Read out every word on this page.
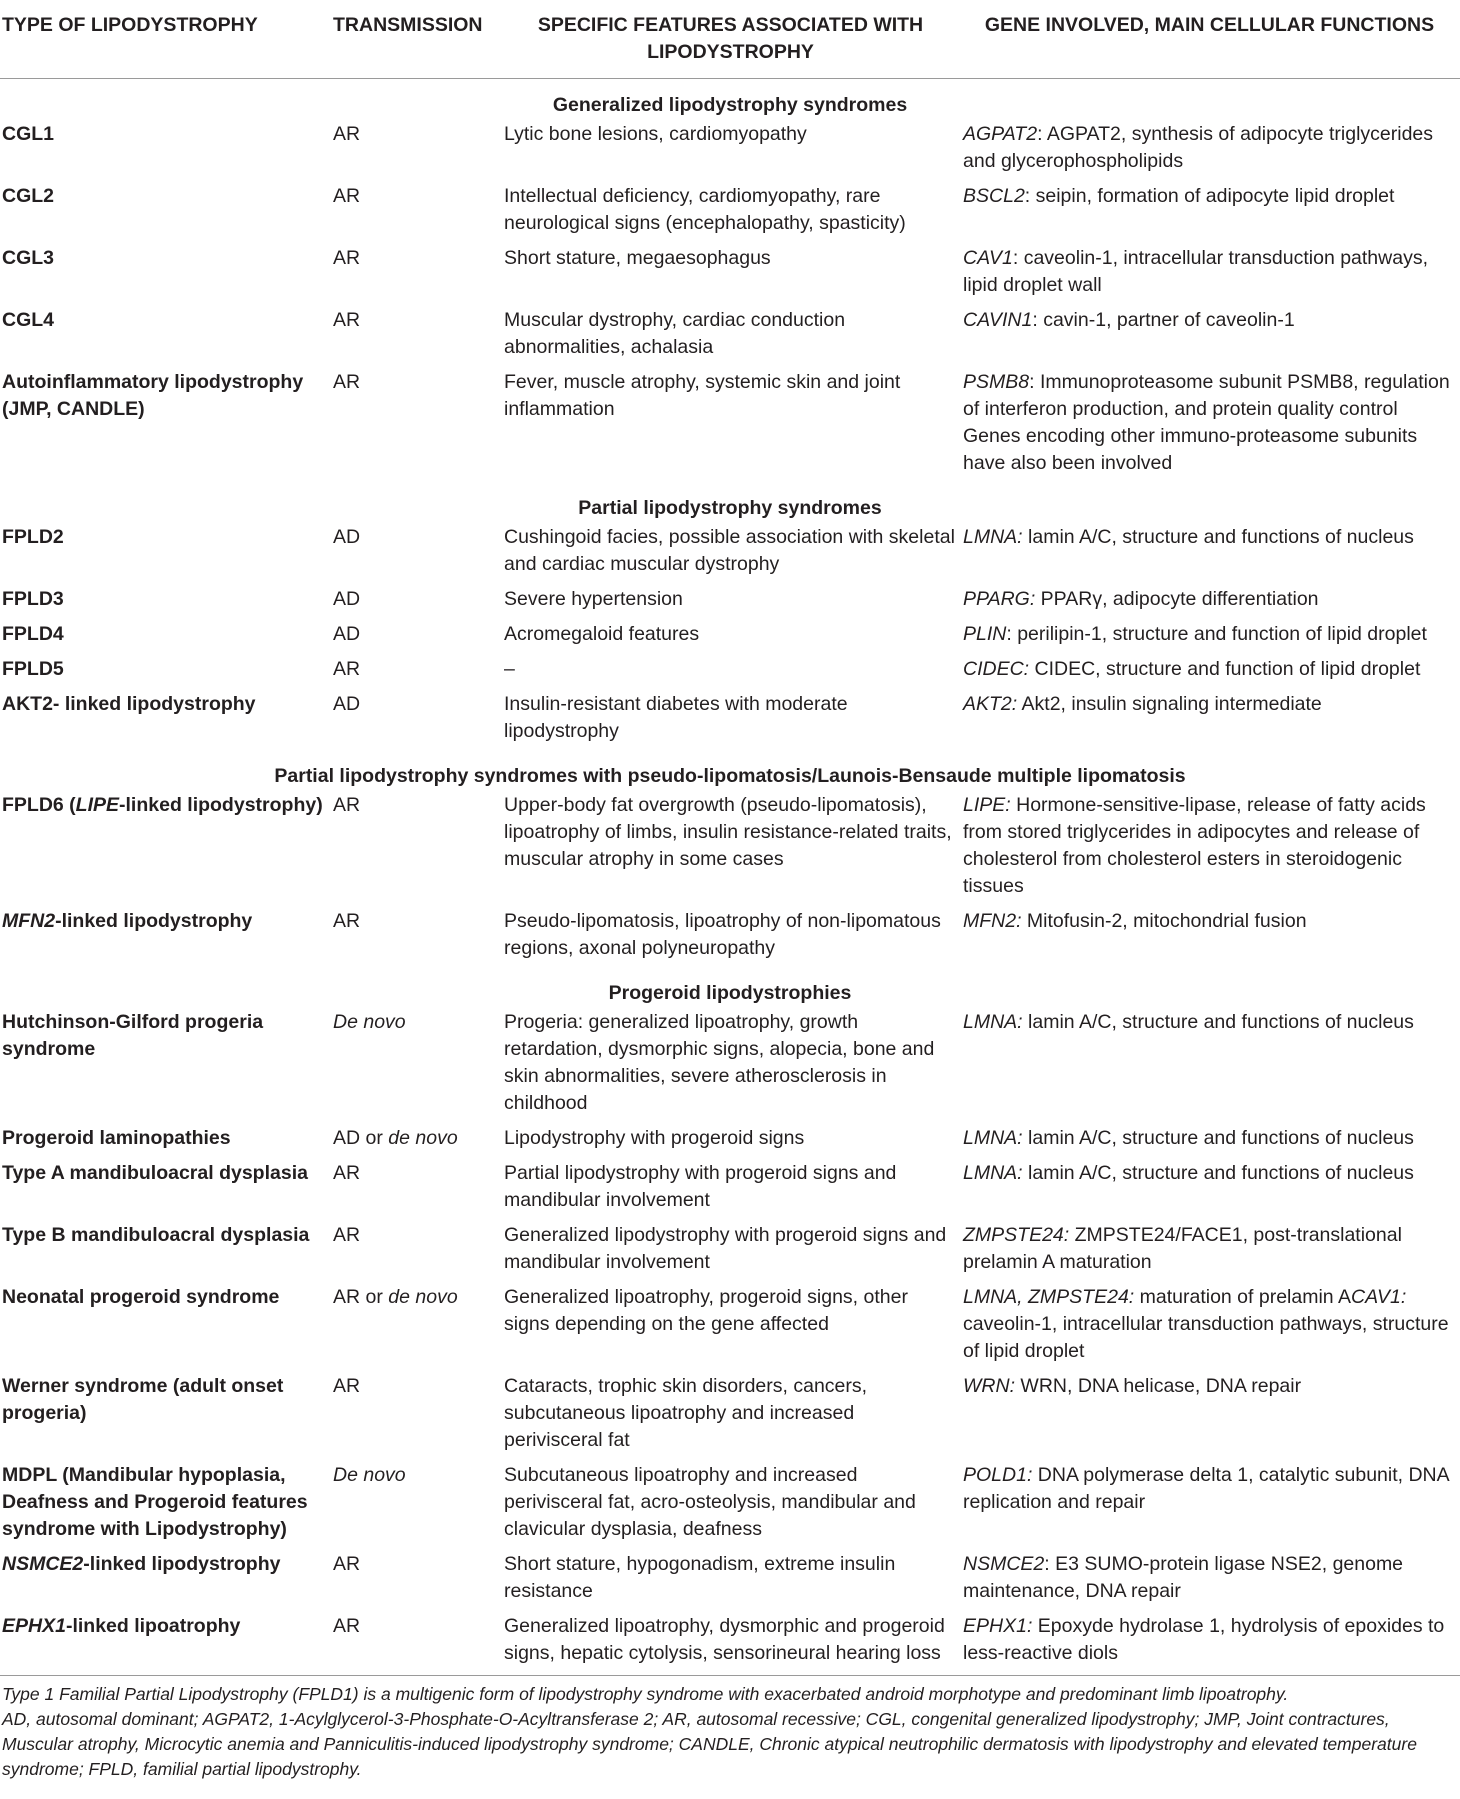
TYPE OF LIPODYSTROPHY	TRANSMISSION	SPECIFIC FEATURES ASSOCIATED WITH LIPODYSTROPHY	GENE INVOLVED, MAIN CELLULAR FUNCTIONS
Generalized lipodystrophy syndromes			
CGL1	AR	Lytic bone lesions, cardiomyopathy	AGPAT2: AGPAT2, synthesis of adipocyte triglycerides and glycerophospholipids
CGL2	AR	Intellectual deficiency, cardiomyopathy, rare neurological signs (encephalopathy, spasticity)	BSCL2: seipin, formation of adipocyte lipid droplet
CGL3	AR	Short stature, megaesophagus	CAV1: caveolin-1, intracellular transduction pathways, lipid droplet wall
CGL4	AR	Muscular dystrophy, cardiac conduction abnormalities, achalasia	CAVIN1: cavin-1, partner of caveolin-1
Autoinflammatory lipodystrophy (JMP, CANDLE)	AR	Fever, muscle atrophy, systemic skin and joint inflammation	PSMB8: Immunoproteasome subunit PSMB8, regulation of interferon production, and protein quality control Genes encoding other immuno-proteasome subunits have also been involved
Partial lipodystrophy syndromes			
FPLD2	AD	Cushingoid facies, possible association with skeletal and cardiac muscular dystrophy	LMNA: lamin A/C, structure and functions of nucleus
FPLD3	AD	Severe hypertension	PPARG: PPARγ, adipocyte differentiation
FPLD4	AD	Acromegaloid features	PLIN: perilipin-1, structure and function of lipid droplet
FPLD5	AR	–	CIDEC: CIDEC, structure and function of lipid droplet
AKT2- linked lipodystrophy	AD	Insulin-resistant diabetes with moderate lipodystrophy	AKT2: Akt2, insulin signaling intermediate
Partial lipodystrophy syndromes with pseudo-lipomatosis/Launois-Bensaude multiple lipomatosis			
FPLD6 (LIPE-linked lipodystrophy)	AR	Upper-body fat overgrowth (pseudo-lipomatosis), lipoatrophy of limbs, insulin resistance-related traits, muscular atrophy in some cases	LIPE: Hormone-sensitive-lipase, release of fatty acids from stored triglycerides in adipocytes and release of cholesterol from cholesterol esters in steroidogenic tissues
MFN2-linked lipodystrophy	AR	Pseudo-lipomatosis, lipoatrophy of non-lipomatous regions, axonal polyneuropathy	MFN2: Mitofusin-2, mitochondrial fusion
Progeroid lipodystrophies			
Hutchinson-Gilford progeria syndrome	De novo	Progeria: generalized lipoatrophy, growth retardation, dysmorphic signs, alopecia, bone and skin abnormalities, severe atherosclerosis in childhood	LMNA: lamin A/C, structure and functions of nucleus
Progeroid laminopathies	AD or de novo	Lipodystrophy with progeroid signs	LMNA: lamin A/C, structure and functions of nucleus
Type A mandibuloacral dysplasia	AR	Partial lipodystrophy with progeroid signs and mandibular involvement	LMNA: lamin A/C, structure and functions of nucleus
Type B mandibuloacral dysplasia	AR	Generalized lipodystrophy with progeroid signs and mandibular involvement	ZMPSTE24: ZMPSTE24/FACE1, post-translational prelamin A maturation
Neonatal progeroid syndrome	AR or de novo	Generalized lipoatrophy, progeroid signs, other signs depending on the gene affected	LMNA, ZMPSTE24: maturation of prelamin ACAV1: caveolin-1, intracellular transduction pathways, structure of lipid droplet
Werner syndrome (adult onset progeria)	AR	Cataracts, trophic skin disorders, cancers, subcutaneous lipoatrophy and increased perivisceral fat	WRN: WRN, DNA helicase, DNA repair
MDPL (Mandibular hypoplasia, Deafness and Progeroid features syndrome with Lipodystrophy)	De novo	Subcutaneous lipoatrophy and increased perivisceral fat, acro-osteolysis, mandibular and clavicular dysplasia, deafness	POLD1: DNA polymerase delta 1, catalytic subunit, DNA replication and repair
NSMCE2-linked lipodystrophy	AR	Short stature, hypogonadism, extreme insulin resistance	NSMCE2: E3 SUMO-protein ligase NSE2, genome maintenance, DNA repair
EPHX1-linked lipoatrophy	AR	Generalized lipoatrophy, dysmorphic and progeroid signs, hepatic cytolysis, sensorineural hearing loss	EPHX1: Epoxyde hydrolase 1, hydrolysis of epoxides to less-reactive diols

Type 1 Familial Partial Lipodystrophy (FPLD1) is a multigenic form of lipodystrophy syndrome with exacerbated android morphotype and predominant limb lipoatrophy.

AD, autosomal dominant; AGPAT2, 1-Acylglycerol-3-Phosphate-O-Acyltransferase 2; AR, autosomal recessive; CGL, congenital generalized lipodystrophy; JMP, Joint contractures, Muscular atrophy, Microcytic anemia and Panniculitis-induced lipodystrophy syndrome; CANDLE, Chronic atypical neutrophilic dermatosis with lipodystrophy and elevated temperature syndrome; FPLD, familial partial lipodystrophy.
